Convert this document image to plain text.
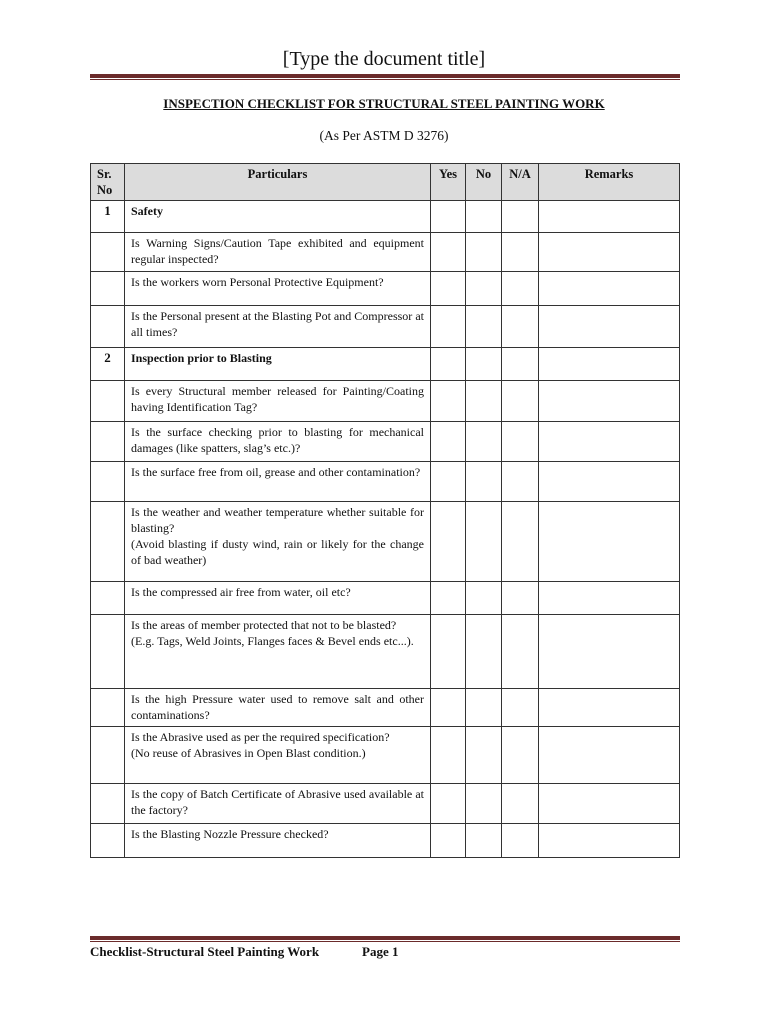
[Type the document title]
INSPECTION CHECKLIST FOR STRUCTURAL STEEL PAINTING WORK
(As Per ASTM D 3276)
Sr. No	Particulars	Yes	No	N/A	Remarks
1	Safety				
	Is Warning Signs/Caution Tape exhibited and equipment regular inspected?				
	Is the workers worn Personal Protective Equipment?				
	Is the Personal present at the Blasting Pot and Compressor at all times?				
2	Inspection prior to Blasting				
	Is every Structural member released for Painting/Coating having Identification Tag?				
	Is the surface checking prior to blasting for mechanical damages (like spatters, slag’s etc.)?				
	Is the surface free from oil, grease and other contamination?				
	Is the weather and weather temperature whether suitable for blasting?
(Avoid blasting if dusty wind, rain or likely for the change of bad weather)				
	Is the compressed air free from water, oil etc?				
	Is the areas of member protected that not to be blasted?
(E.g. Tags, Weld Joints, Flanges faces & Bevel ends etc...).				
	Is the high Pressure water used to remove salt and other contaminations?				
	Is the Abrasive used as per the required specification?
(No reuse of Abrasives in Open Blast condition.)				
	Is the copy of Batch Certificate of Abrasive used available at the factory?				
	Is the Blasting Nozzle Pressure checked?				
Checklist-Structural Steel Painting Work	Page 1
